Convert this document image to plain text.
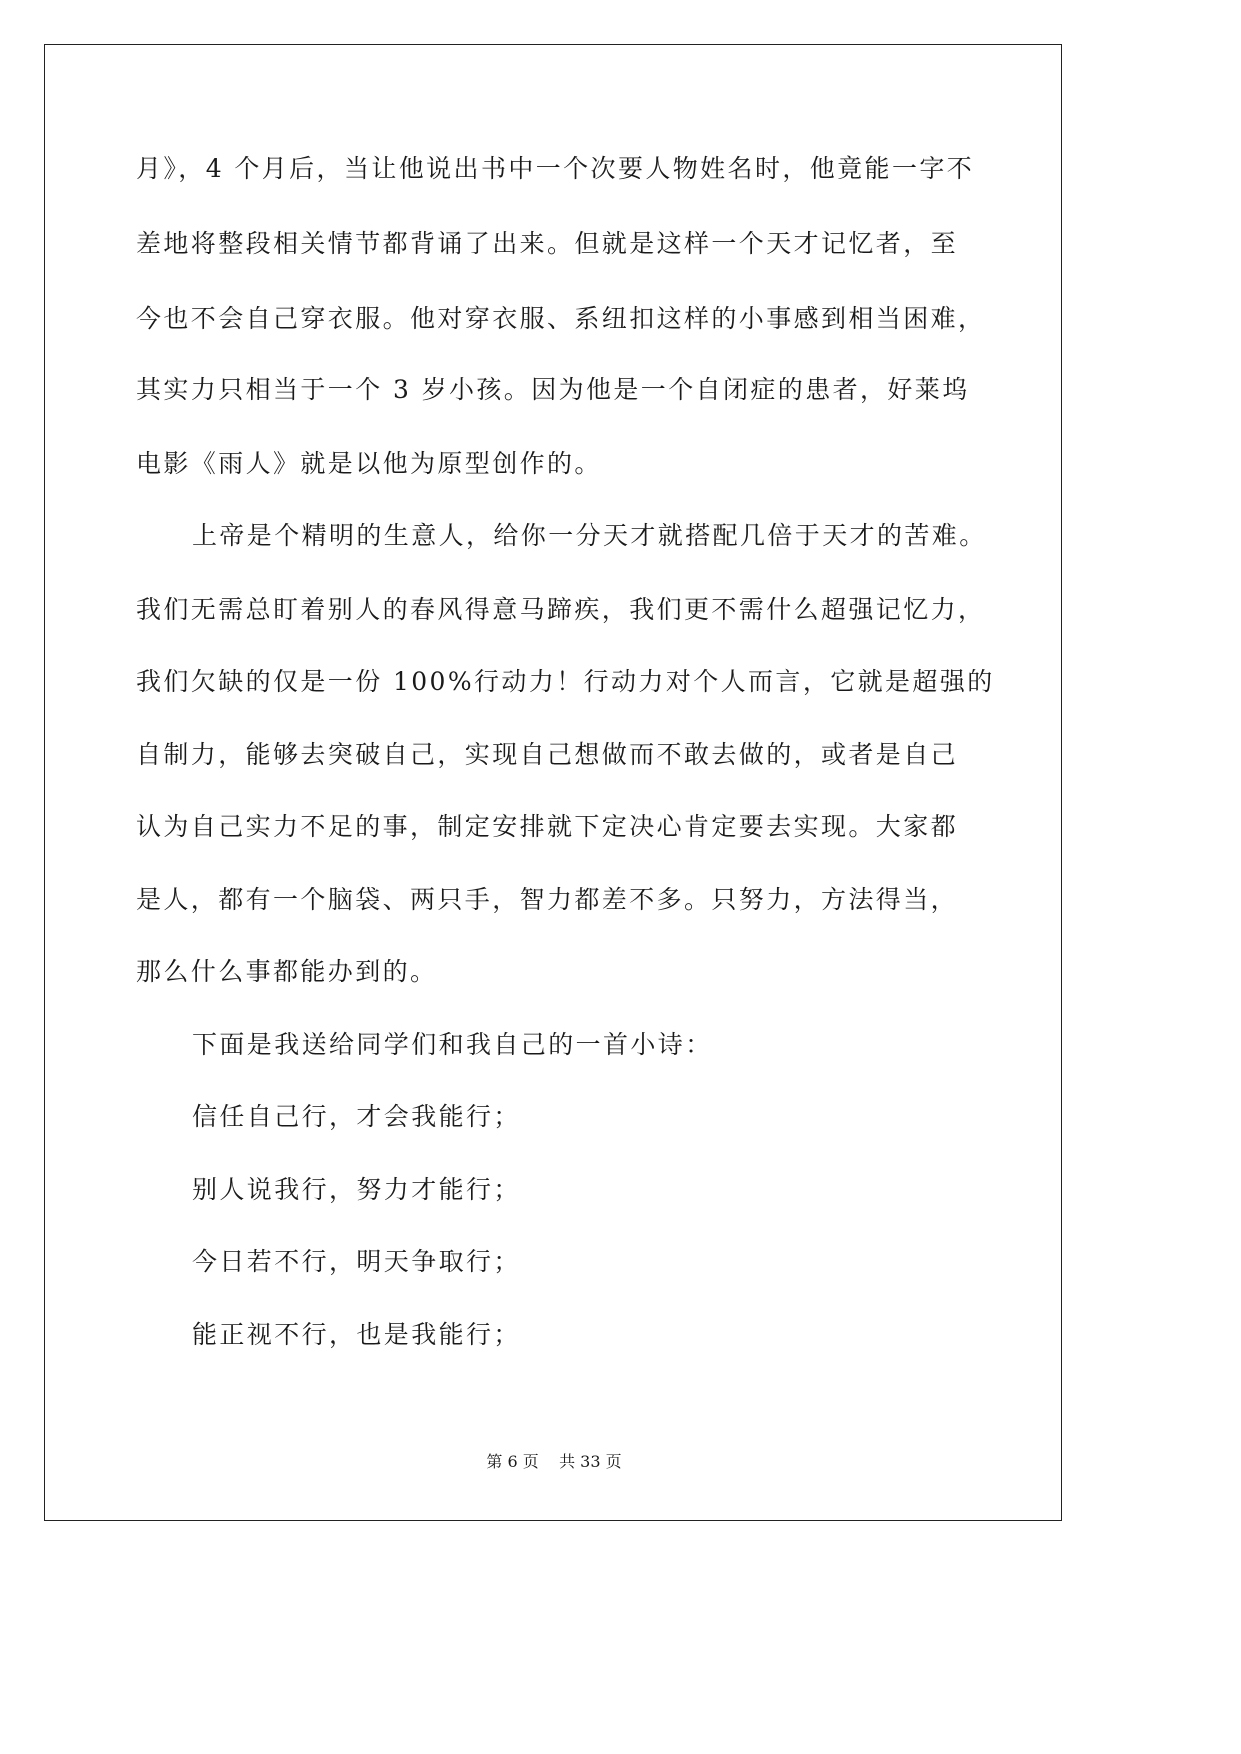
月》，4 个月后，当让他说出书中一个次要人物姓名时，他竟能一字不
差地将整段相关情节都背诵了出来。但就是这样一个天才记忆者，至
今也不会自己穿衣服。他对穿衣服、系纽扣这样的小事感到相当困难，
其实力只相当于一个 3 岁小孩。因为他是一个自闭症的患者，好莱坞
电影《雨人》就是以他为原型创作的。
上帝是个精明的生意人，给你一分天才就搭配几倍于天才的苦难。
我们无需总盯着别人的春风得意马蹄疾，我们更不需什么超强记忆力，
我们欠缺的仅是一份 100%行动力！行动力对个人而言，它就是超强的
自制力，能够去突破自己，实现自己想做而不敢去做的，或者是自己
认为自己实力不足的事，制定安排就下定决心肯定要去实现。大家都
是人，都有一个脑袋、两只手，智力都差不多。只努力，方法得当，
那么什么事都能办到的。
下面是我送给同学们和我自己的一首小诗：
信任自己行，才会我能行；
别人说我行，努力才能行；
今日若不行，明天争取行；
能正视不行，也是我能行；
第 6 页 共 33 页
